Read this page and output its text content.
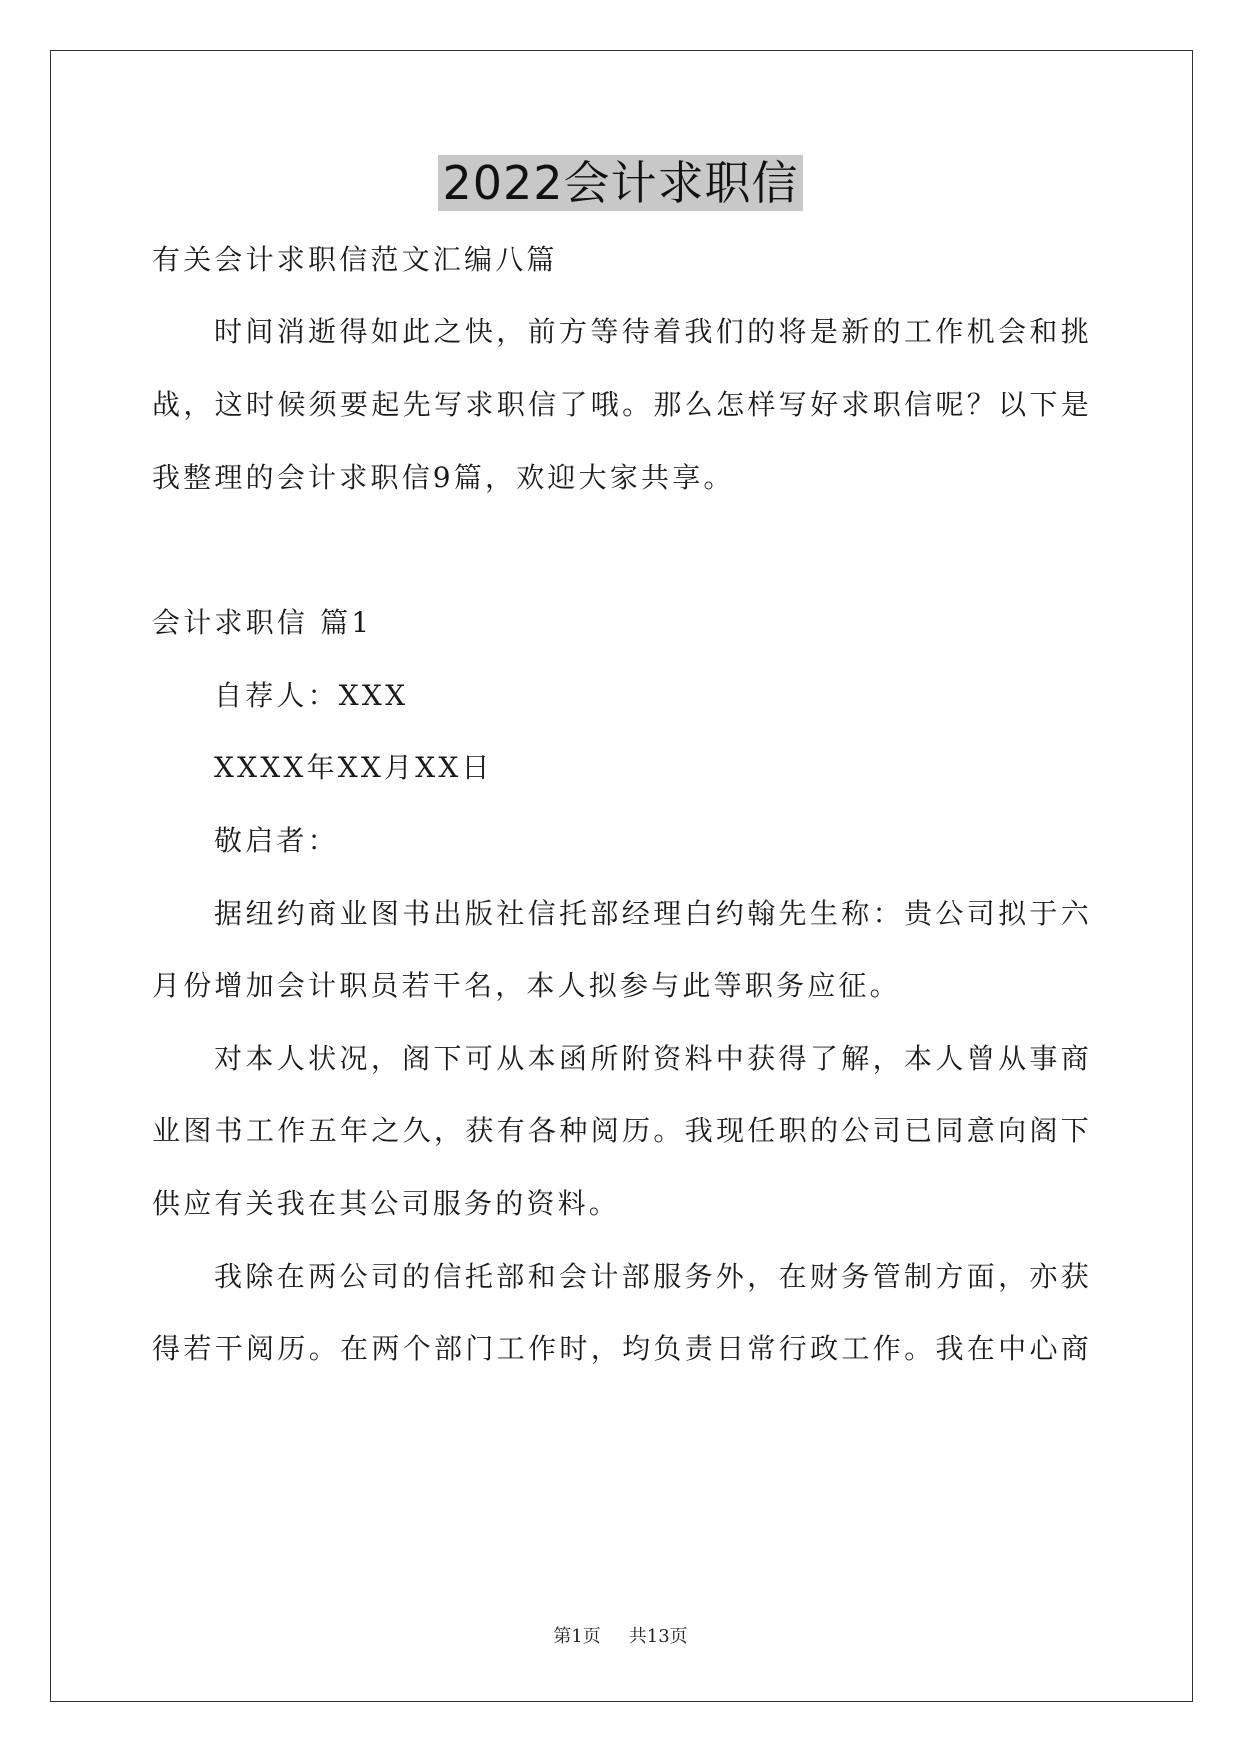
2022会计求职信
有关会计求职信范文汇编八篇
时间消逝得如此之快，前方等待着我们的将是新的工作机会和挑
战，这时候须要起先写求职信了哦。那么怎样写好求职信呢？以下是
我整理的会计求职信9篇，欢迎大家共享。
会计求职信 篇1
自荐人：XXX
XXXX年XX月XX日
敬启者：
据纽约商业图书出版社信托部经理白约翰先生称：贵公司拟于六
月份增加会计职员若干名，本人拟参与此等职务应征。
对本人状况，阁下可从本函所附资料中获得了解，本人曾从事商
业图书工作五年之久，获有各种阅历。我现任职的公司已同意向阁下
供应有关我在其公司服务的资料。
我除在两公司的信托部和会计部服务外，在财务管制方面，亦获
得若干阅历。在两个部门工作时，均负责日常行政工作。我在中心商
第1页 共13页
